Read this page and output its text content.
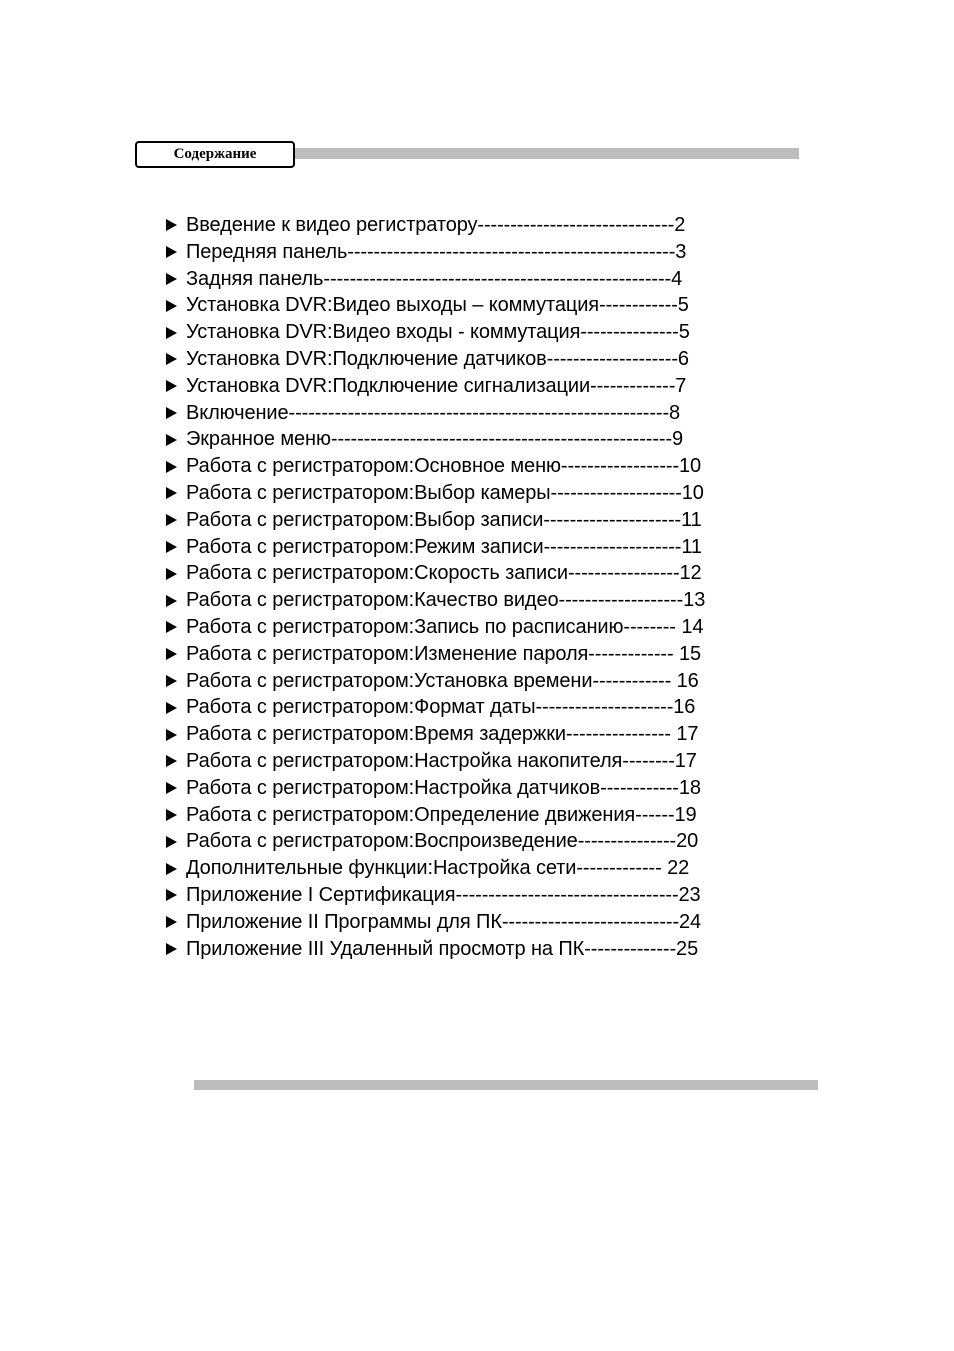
Содержание
Введение к видео регистратору------------------------------2
Передняя панель--------------------------------------------------3
Задняя панель-----------------------------------------------------4
Установка DVR:Видео выходы – коммутация------------5
Установка DVR:Видео входы - коммутация---------------5
Установка DVR:Подключение датчиков--------------------6
Установка DVR:Подключение сигнализации-------------7
Включение----------------------------------------------------------8
Экранное меню----------------------------------------------------9
Работа с регистратором:Основное меню------------------10
Работа с регистратором:Выбор камеры--------------------10
Работа с регистратором:Выбор записи---------------------11
Работа с регистратором:Режим записи---------------------11
Работа с регистратором:Скорость записи-----------------12
Работа с регистратором:Качество видео-------------------13
Работа с регистратором:Запись по расписанию-------- 14
Работа с регистратором:Изменение пароля------------- 15
Работа с регистратором:Установка времени------------ 16
Работа с регистратором:Формат даты---------------------16
Работа с регистратором:Время задержки---------------- 17
Работа с регистратором:Настройка накопителя--------17
Работа с регистратором:Настройка датчиков------------18
Работа с регистратором:Определение движения------19
Работа с регистратором:Воспроизведение---------------20
Дополнительные функции:Настройка сети------------- 22
Приложение I Сертификация----------------------------------23
Приложение II Программы для ПК---------------------------24
Приложение III Удаленный просмотр на ПК--------------25
